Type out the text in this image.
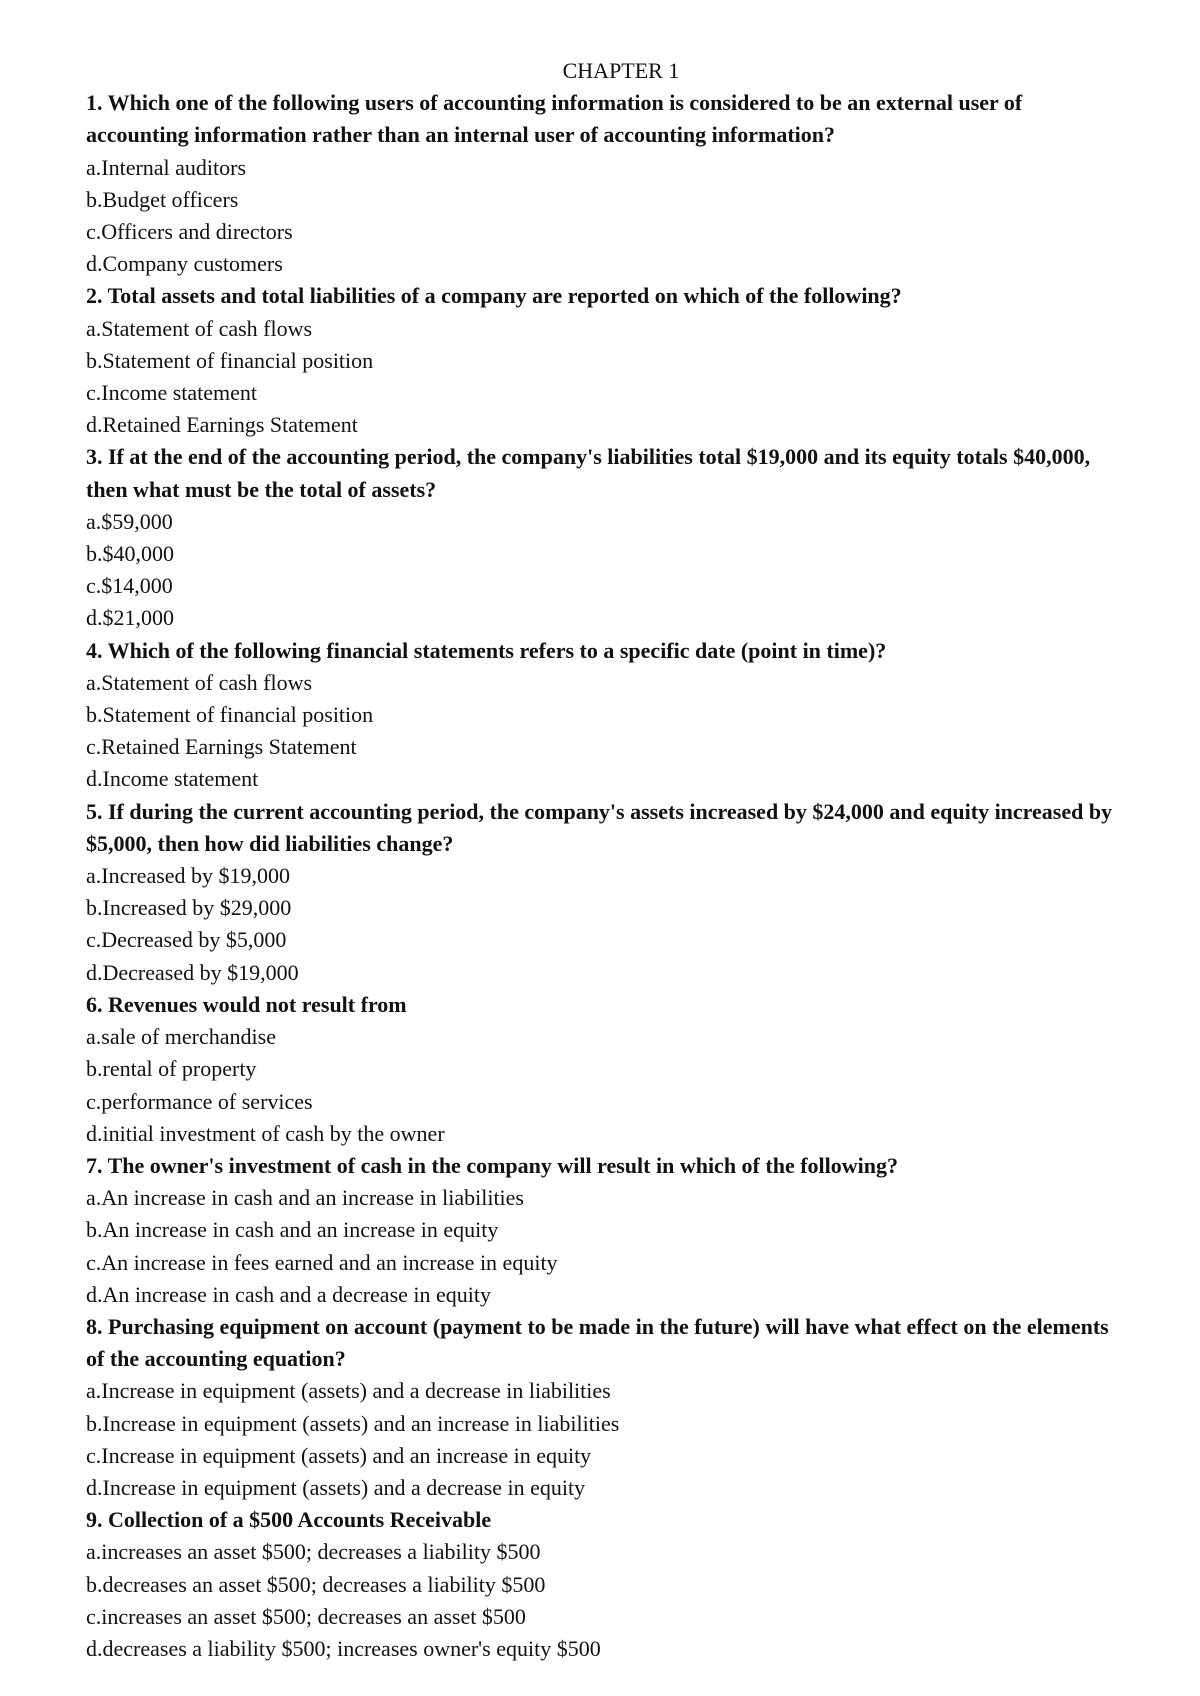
CHAPTER 1

1. Which one of the following users of accounting information is considered to be an external user of accounting information rather than an internal user of accounting information?

a . Internal auditors
b . Budget officers
c . Officers and directors
d . Company customers

2. Total assets and total liabilities of a company are reported on which of the following?

a . Statement of cash flows
b . Statement of financial position
c . Income statement
d . Retained Earnings Statement

3. If at the end of the accounting period, the company's liabilities total $19,000 and its equity totals $40,000, then what must be the total of assets?

a . $59,000
b . $40,000
c . $14,000
d . $21,000

4. Which of the following financial statements refers to a specific date (point in time)?

a . Statement of cash flows
b . Statement of financial position
c . Retained Earnings Statement
d . Income statement

5. If during the current accounting period, the company's assets increased by $24,000 and equity increased by $5,000, then how did liabilities change?

a . Increased by $19,000
b . Increased by $29,000
c . Decreased by $5,000
d . Decreased by $19,000

6. Revenues would not result from

a . sale of merchandise
b . rental of property
c . performance of services
d . initial investment of cash by the owner

7. The owner's investment of cash in the company will result in which of the following?

a . An increase in cash and an increase in liabilities
b . An increase in cash and an increase in equity
c . An increase in fees earned and an increase in equity
d . An increase in cash and a decrease in equity

8. Purchasing equipment on account (payment to be made in the future) will have what effect on the elements of the accounting equation?

a . Increase in equipment (assets) and a decrease in liabilities
b . Increase in equipment (assets) and an increase in liabilities
c . Increase in equipment (assets) and an increase in equity
d . Increase in equipment (assets) and a decrease in equity

9. Collection of a $500 Accounts Receivable

a . increases an asset $500; decreases a liability $500
b . decreases an asset $500; decreases a liability $500
c . increases an asset $500; decreases an asset $500
d . decreases a liability $500; increases owner's equity $500
